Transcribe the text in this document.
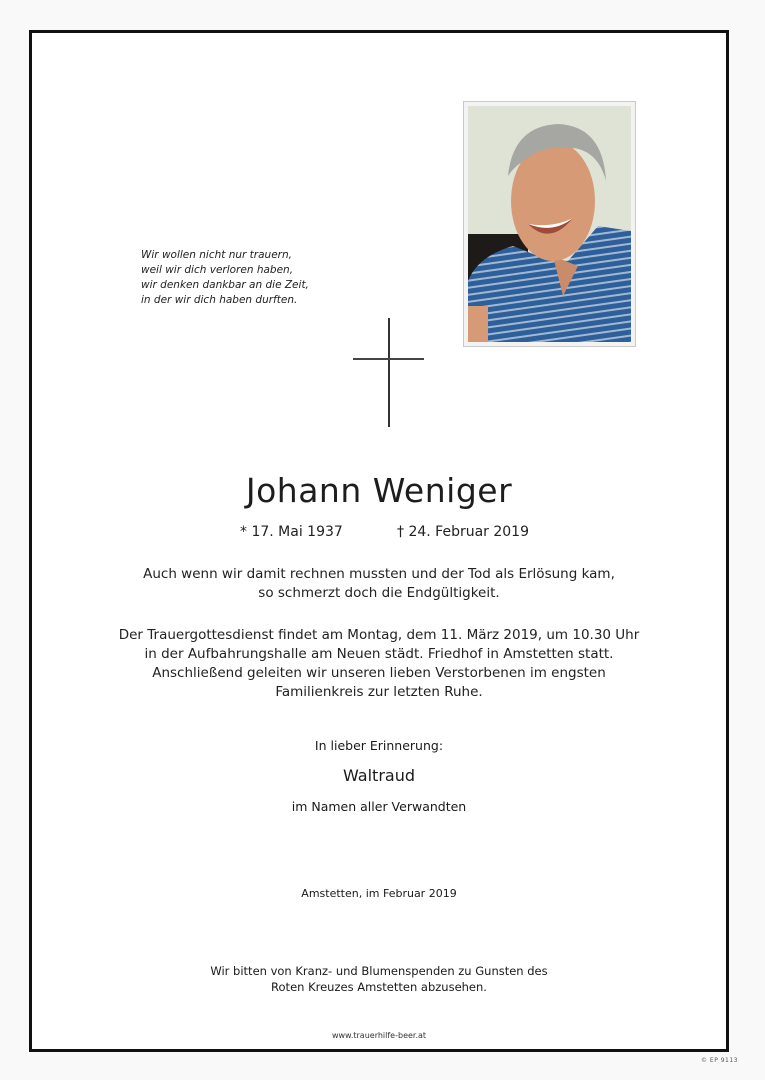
Wir wollen nicht nur trauern,
weil wir dich verloren haben,
wir denken dankbar an die Zeit,
in der wir dich haben durften.
Johann Weniger
* 17. Mai 1937	† 24. Februar 2019
Auch wenn wir damit rechnen mussten und der Tod als Erlösung kam,
so schmerzt doch die Endgültigkeit.
Der Trauergottesdienst findet am Montag, dem 11. März 2019, um 10.30 Uhr
in der Aufbahrungshalle am Neuen städt. Friedhof in Amstetten statt.
Anschließend geleiten wir unseren lieben Verstorbenen im engsten
Familienkreis zur letzten Ruhe.
In lieber Erinnerung:
Waltraud
im Namen aller Verwandten
Amstetten, im Februar 2019
Wir bitten von Kranz- und Blumenspenden zu Gunsten des
Roten Kreuzes Amstetten abzusehen.
www.trauerhilfe-beer.at
© EP 9113
